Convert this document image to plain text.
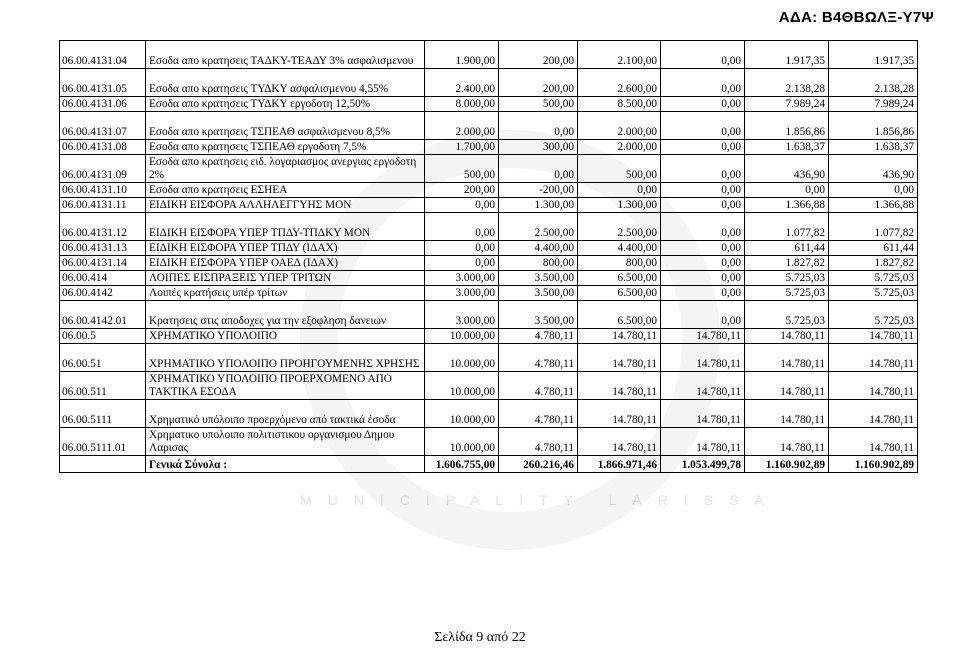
MUNICIPALITY LARISSA
ΑΔΑ: Β4ΘΒΩΛΞ-Υ7Ψ
06.00.4131.04	Εσοδα απο κρατησεις ΤΑΔΚΥ-ΤΕΑΔΥ 3% ασφαλισμενου	1.900,00	200,00	2.100,00	0,00	1.917,35	1.917,35
06.00.4131.05	Εσοδα απο κρατησεις ΤΥΔΚΥ ασφαλισμενου 4,55%	2.400,00	200,00	2.600,00	0,00	2.138,28	2.138,28
06.00.4131.06	Εσοδα απο κρατησεις ΤΥΔΚΥ εργοδοτη 12,50%	8.000,00	500,00	8.500,00	0,00	7.989,24	7.989,24
06.00.4131.07	Εσοδα απο κρατησεις ΤΣΠΕΑΘ ασφαλισμενου 8,5%	2.000,00	0,00	2.000,00	0,00	1.856,86	1.856,86
06.00.4131.08	Εσοδα απο κρατησεις ΤΣΠΕΑΘ εργοδοτη 7,5%	1.700,00	300,00	2.000,00	0,00	1.638,37	1.638,37
06.00.4131.09	Εσοδα απο κρατησεις ειδ. λογαριασμος ανεργιας εργοδοτη 2%	500,00	0,00	500,00	0,00	436,90	436,90
06.00.4131.10	Εσοδα απο κρατησεις ΕΣΗΕΑ	200,00	-200,00	0,00	0,00	0,00	0,00
06.00.4131.11	ΕΙΔΙΚΗ ΕΙΣΦΟΡΑ ΑΛΛΗΛΕΓΓΥΗΣ ΜΟΝ	0,00	1.300,00	1.300,00	0,00	1.366,88	1.366,88
06.00.4131.12	ΕΙΔΙΚΗ ΕΙΣΦΟΡΑ ΥΠΕΡ ΤΠΔΥ-ΤΠΔΚΥ ΜΟΝ	0,00	2.500,00	2.500,00	0,00	1.077,82	1.077,82
06.00.4131.13	ΕΙΔΙΚΗ ΕΙΣΦΟΡΑ ΥΠΕΡ ΤΠΔΥ (ΙΔΑΧ)	0,00	4.400,00	4.400,00	0,00	611,44	611,44
06.00.4131.14	ΕΙΔΙΚΗ ΕΙΣΦΟΡΑ ΥΠΕΡ ΟΑΕΔ (ΙΔΑΧ)	0,00	800,00	800,00	0,00	1.827,82	1.827,82
06.00.414	ΛΟΙΠΕΣ ΕΙΣΠΡΑΞΕΙΣ ΥΠΕΡ ΤΡΙΤΩΝ	3.000,00	3.500,00	6.500,00	0,00	5.725,03	5.725,03
06.00.4142	Λοιπές κρατήσεις υπέρ τρίτων	3.000,00	3.500,00	6.500,00	0,00	5.725,03	5.725,03
06.00.4142.01	Κρατησεις στις αποδοχες για την εξοφληση δανειων	3.000,00	3.500,00	6.500,00	0,00	5.725,03	5.725,03
06.00.5	ΧΡΗΜΑΤΙΚΟ ΥΠΟΛΟΙΠΟ	10.000,00	4.780,11	14.780,11	14.780,11	14.780,11	14.780,11
06.00.51	ΧΡΗΜΑΤΙΚΟ ΥΠΟΛΟΙΠΟ ΠΡΟΗΓΟΥΜΕΝΗΣ ΧΡΗΣΗΣ	10.000,00	4.780,11	14.780,11	14.780,11	14.780,11	14.780,11
06.00.511	ΧΡΗΜΑΤΙΚΟ ΥΠΟΛΟΙΠΟ ΠΡΟΕΡΧΟΜΕΝΟ ΑΠΟ ΤΑΚΤΙΚΑ ΕΣΟΔΑ	10.000,00	4.780,11	14.780,11	14.780,11	14.780,11	14.780,11
06.00.5111	Χρηματικό υπόλοιπο προερχόμενο από τακτικά έσοδα	10.000,00	4.780,11	14.780,11	14.780,11	14.780,11	14.780,11
06.00.5111.01	Χρηματικο υπολοιπο πολιτιστικου οργανισμου Δημου Λαρισας	10.000,00	4.780,11	14.780,11	14.780,11	14.780,11	14.780,11
	Γενικά Σύνολα :	1.606.755,00	260.216,46	1.866.971,46	1.053.499,78	1.160.902,89	1.160.902,89
Σελίδα 9 από 22
